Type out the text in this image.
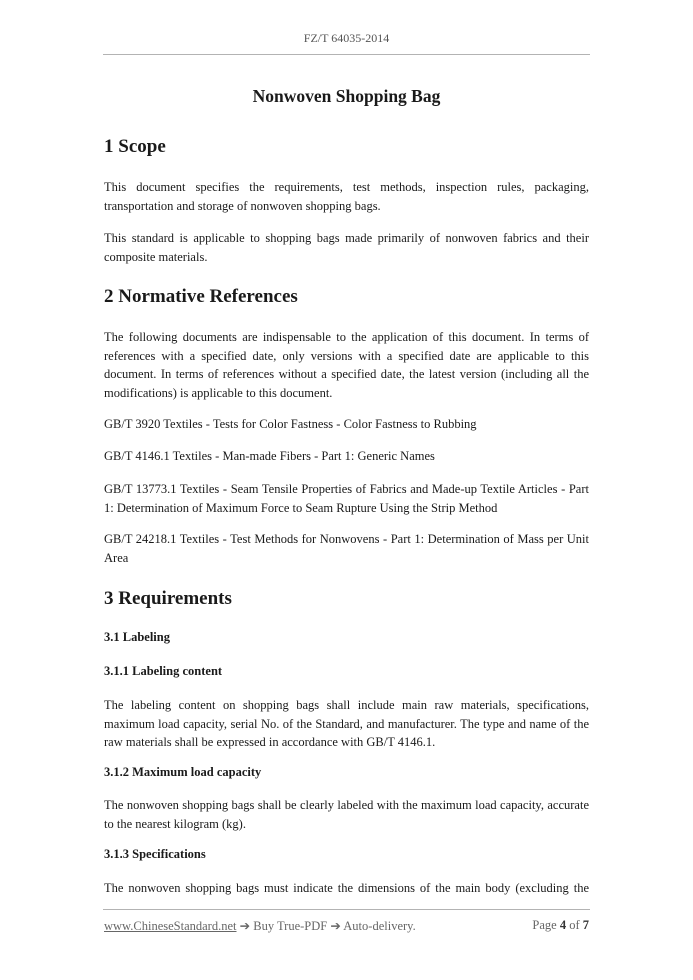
FZ/T 64035-2014
Nonwoven Shopping Bag
1 Scope
This document specifies the requirements, test methods, inspection rules, packaging, transportation and storage of nonwoven shopping bags.
This standard is applicable to shopping bags made primarily of nonwoven fabrics and their composite materials.
2 Normative References
The following documents are indispensable to the application of this document. In terms of references with a specified date, only versions with a specified date are applicable to this document. In terms of references without a specified date, the latest version (including all the modifications) is applicable to this document.
GB/T 3920 Textiles - Tests for Color Fastness - Color Fastness to Rubbing
GB/T 4146.1 Textiles - Man-made Fibers - Part 1: Generic Names
GB/T 13773.1 Textiles - Seam Tensile Properties of Fabrics and Made-up Textile Articles - Part 1: Determination of Maximum Force to Seam Rupture Using the Strip Method
GB/T 24218.1 Textiles - Test Methods for Nonwovens - Part 1: Determination of Mass per Unit Area
3 Requirements
3.1 Labeling
3.1.1 Labeling content
The labeling content on shopping bags shall include main raw materials, specifications, maximum load capacity, serial No. of the Standard, and manufacturer. The type and name of the raw materials shall be expressed in accordance with GB/T 4146.1.
3.1.2 Maximum load capacity
The nonwoven shopping bags shall be clearly labeled with the maximum load capacity, accurate to the nearest kilogram (kg).
3.1.3 Specifications
The nonwoven shopping bags must indicate the dimensions of the main body (excluding the
www.ChineseStandard.net ➔ Buy True-PDF ➔ Auto-delivery.	Page 4 of 7
